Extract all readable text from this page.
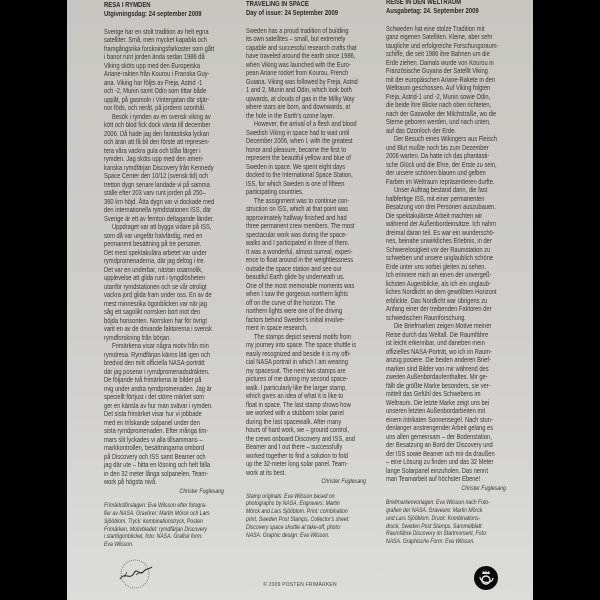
RESA I RYMDEN
Utgivningsdag: 24 september 2009
Sverige har en stolt tradition av helt egna
satelliter. Små, men mycket kapabla och
framgångsrika forskningsfarkoster som gått
i banor runt jorden ända sedan 1986 då
Viking sköts upp med den Europeiska
Ariane-rakten från Kourou i Franska Guy-
ana. Viking har följts av Freja, Astrid -1
och -2, Munin samt Odin som tittar både
uppåt, på gasmoln i Vintergatan där stjär-
nor föds, och neråt, på jordens ozonhål.
Besök i rymden av en svensk viking av
kött och blod fick dock vänta till december
2006. Då hade jag den fantastiska lyckan
och äran att få bli den förste att represen-
tera våra vackra gula och blåa färger i
rymden. Jag sköts upp med den ameri-
kanska rymdfärjan Discovery från Kennedy
Space Center den 10/12 (svensk tid) och
tretton dygn senare landade vi på samma
ställe efter 203 varv runt jorden på 250–
360 km höjd. Åtta dygn var vi dockade med
den internationella rymdstationen ISS, där
Sverige är ett av femton deltagande länder.
Uppdraget var att bygga vidare på ISS,
som då var ungefär halvfärdig, med en
permanent besättning på tre personer.
Det mest spektakulära arbetet var under
rymdpromenaderna, där jag deltog i tre.
Det var en underbar, nästan osannolik,
upplevelse att glida runt i tyngdlösheten
utanför rymdstationen och se vår otroligt
vackra jord glida fram under oss. En av de
mest minnesrika ögonblicken var när jag
såg ett sagolikt norrsken bort mot den
böjda horisonten. Norrsken har för övrigt
varit en av de drivande faktorerna i svensk
rymdforskning från början.
Frimärkena visar några motiv från min
rymdresa. Rymdfärjan känns lätt igen och
bredvid den mitt officiella NASA-porträtt
där jag poserar i rymdpromenadsdräkten.
De följande två frimärkena är bilder på
mig under andra rymdpromenaden. Jag är
speciellt förtjust i det större märket som
ger en känsla av hur man svävar i rymden.
Det sista frimärket visar hur vi jobbade
med en trilskande solpanel under den
sista rymdpromenaden. Efter många tim-
mars slit lyckades vi alla tillsammans –
markkontrollen, besättningarna ombord
på Discovery och ISS samt Beamer och
jag där ute – hitta en lösning och helt fälla
in den 32 meter långa solpanelen. Team-
work på högsta nivå.
Christer Fuglesang
Frimärksförslagen: Eva Wilsson efter fotogra-
fier av NASA. Gravörer: Martin Mörck och Lars
Sjööblom. Tryck: kombinationstryck, Posten
Frimärken. Motivbladet: rymdfärjan Discovery
i startögonblicket, foto: NASA. Grafisk form:
Eva Wilsson.
TRAVELING IN SPACE
Day of issue: 24 September 2009
Sweden has a proud tradition of building
its own satellites – small, but extremely
capable and successful research crafts that
have traveled around the earth since 1986,
when Viking was launched with the Euro-
pean Ariane rocket from Kourou, French
Guiana. Viking was followed by Freja, Astrid
1 and 2, Munin and Odin, which look both
upwards, at clouds of gas in the Milky Way
where stars are born, and downwards, at
the hole in the Earth's ozone layer.
However, the arrival of a flesh and blood
Swedish Viking in space had to wait until
December 2006, when I, with the greatest
honor and pleasure, became the first to
represent the beautiful yellow and blue of
Sweden in space. We spent eight days
docked to the International Space Station,
ISS, for which Sweden is one of fifteen
participating countries.
The assignment was to continue con-
struction on ISS, which at that point was
approximately halfway finished and had
three permanent crew members. The most
spectacular work was during the space-
walks and I participated in three of them.
It was a wonderful, almost surreal, experi-
ence to float around in the weightlessness
outside the space station and see our
beautiful Earth glide by underneath us.
One of the most memorable moments was
when I saw the gorgeous northern lights
off on the curve of the horizon. The
northern lights were one of the driving
factors behind Sweden's initial involve-
ment in space research.
The stamps depict several motifs from
my journey into space. The space shuttle is
easily recognized and beside it is my offi-
cial NASA portrait in which I am wearing
my spacesuit. The next two stamps are
pictures of me during my second space-
walk. I particularly like the larger stamp,
which gives an idea of what it is like to
float in space. The last stamp shows how
we worked with a stubborn solar panel
during the last spacewalk. After many
hours of hard work, we – ground control,
the crews onboard Discovery and ISS, and
Beamer and I out there – successfully
worked together to find a solution to fold
up the 32-meter long solar panel. Team-
work at its best.
Christer Fuglesang
Stamp originals: Eva Wilsson based on
photographs by NASA. Engravers: Martin
Mörck and Lars Sjööblom. Print: combination
print, Sweden Post Stamps. Collector's sheet:
Discovery space shuttle at take-off, photo:
NASA. Graphic design: Eva Wilsson.
REISE IN DEN WELTRAUM
Ausgabetag: 24. September 2009
Schweden hat eine stolze Tradition mit
ganz eigenen Satelliten. Kleine, aber sehr
taugliche und erfolgreiche Forschungsraum-
schiffe, die seit 1986 ihre Bahnen um die
Erde ziehen. Damals wurde von Kourou in
Französische Guyana der Satellit Viking
mit der europäischen Ariane-Rakete in den
Weltraum geschossen. Auf Viking folgten
Freja, Astrid-1 und -2, Munin sowie Odin,
die beide ihre Blicke nach oben richteten,
nach der Gaswolke der Milchstraße, wo die
Sterne geboren werden, und nach unten,
auf das Ozonloch der Erde.
Der Besuch eines Wikingers aus Fleisch
und Blut mußte noch bis zum Dezember
2006 warten. Da hatte ich das phantasti-
sche Glück und die Ehre, der Erste zu sein,
der unsere schönen blauen und gelben
Farben im Weltraum repräsentieren durfte.
Unser Auftrag bestand darin, die fast
halbfertige ISS, mit einer permanenten
Besatzung von drei Personen auszubauen.
Die spektakulärste Arbeit machten wir
während der Außenbordeinsätze. Ich nahm
dreimal daran teil. Es war ein wunderschö-
nes, beinahe unwirkliches Erlebnis, in der
Schwerelosigkeit vor der Raumstation zu
schweben und unsere unglaublich schöne
Erde unter uns vorbei gleiten zu sehen.
Ich erinnere mich an einen der unvergeß-
lichsten Augenblicke, als ich ein unglaub-
liches Nordlicht an dem gewölbten Horizont
erblickte. Das Nordlicht war übrigens zu
Anfang einer der treibenden Faktoren der
schwedischen Raumforschung.
Die Briefmarken zeigen Motive meiner
Reise durch das Weltall. Die Raumfähre
ist leicht erkennbar, und daneben mein
offizielles NASA-Porträt, wo ich im Raum-
anzug posiere. Die beiden anderen Brief-
marken sind Bilder von mir während des
zweiten Außenbordaufenthaltes. Mir ge-
fällt die größte Marke besonders, sie ver-
mittelt das Gefühl des Schwebens im
Weltraum. Die letzte Marke zeigt uns bei
unseren letzten Außenbordarbeiten mit
einem intrikaten Sonnensegel. Nach stun-
denlanger anstrengender Arbeit gelang es
uns allen gemeinsam – der Bodenstation,
der Besatzung an Bord der Discovery und
der ISS sowie Beamer och mir da draußen
– eine Lösung zu finden und das 32 Meter
lange Solarpanel einzuholen. Das nennt
man Teamarbeit auf höchster Ebene!
Christer Fuglesang
Briefmarkenvorlagen: Eva Wilsson nach Foto-
grafien der NASA. Graveure: Martin Mörck
und Lars Sjööblom. Druck: Kombinations-
druck, Sweden Post Stamps. Sammelblatt:
Raumfähre Discovery im Startmoment, Foto:
NASA. Graphische Form: Eva Wilsson.
© 2009 POSTEN FRIMÄRKEN
